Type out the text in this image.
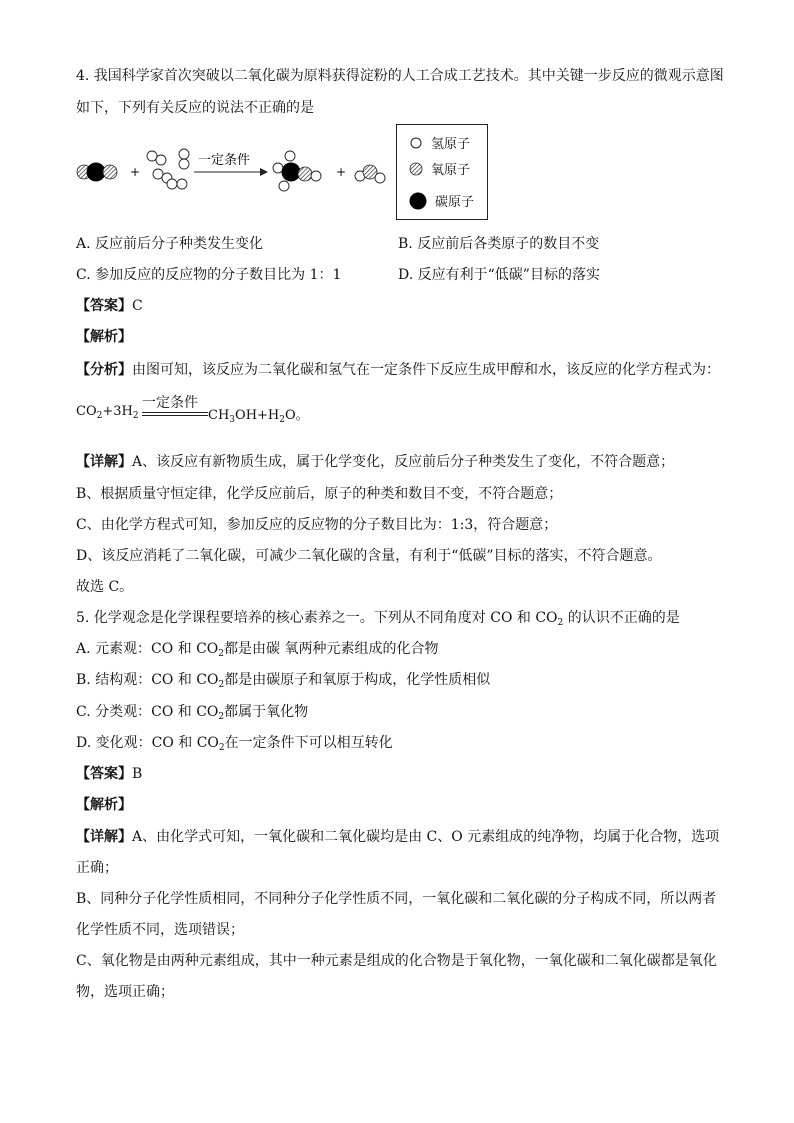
4. 我国科学家首次突破以二氧化碳为原料获得淀粉的人工合成工艺技术。其中关键一步反应的微观示意图
如下，下列有关反应的说法不正确的是
+
一定条件
+
氢原子
氧原子
碳原子
A. 反应前后分子种类发生变化	B. 反应前后各类原子的数目不变
C. 参加反应的反应物的分子数目比为 1：1	D. 反应有利于“低碳”目标的落实
【答案】C
【解析】
【分析】由图可知，该反应为二氧化碳和氢气在一定条件下反应生成甲醇和水，该反应的化学方程式为：
一定条件
$CO_2+3H_2$	$CH_3OH+H_2O$。
【详解】A、该反应有新物质生成，属于化学变化，反应前后分子种类发生了变化，不符合题意；
B、根据质量守恒定律，化学反应前后，原子的种类和数目不变，不符合题意；
C、由化学方程式可知，参加反应的反应物的分子数目比为：1:3，符合题意；
D、该反应消耗了二氧化碳，可减少二氧化碳的含量，有利于“低碳”目标的落实，不符合题意。
故选 C。
5. 化学观念是化学课程要培养的核心素养之一。下列从不同角度对 CO 和 $CO_2$ 的认识不正确的是
A. 元素观：CO 和 $CO_2$都是由碳 氧两种元素组成的化合物
B. 结构观：CO 和 $CO_2$都是由碳原子和氧原于构成，化学性质相似
C. 分类观：CO 和 $CO_2$都属于氧化物
D. 变化观：CO 和 $CO_2$在一定条件下可以相互转化
【答案】B
【解析】
【详解】A、由化学式可知，一氧化碳和二氧化碳均是由 C、O 元素组成的纯净物，均属于化合物，选项
正确；
B、同种分子化学性质相同，不同种分子化学性质不同，一氧化碳和二氧化碳的分子构成不同，所以两者
化学性质不同，选项错误；
C、氧化物是由两种元素组成，其中一种元素是组成的化合物是于氧化物，一氧化碳和二氧化碳都是氧化
物，选项正确；
